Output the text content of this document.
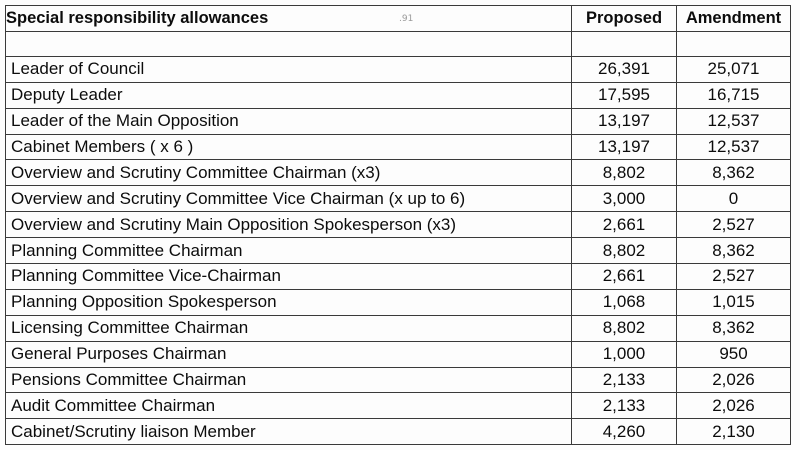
.91
Special responsibility allowances	Proposed	Amendment

Leader of Council	26,391	25,071
Deputy Leader	17,595	16,715
Leader of the Main Opposition	13,197	12,537
Cabinet Members ( x 6 )	13,197	12,537
Overview and Scrutiny Committee Chairman (x3)	8,802	8,362
Overview and Scrutiny Committee Vice Chairman (x up to 6)	3,000	0
Overview and Scrutiny Main Opposition Spokesperson (x3)	2,661	2,527
Planning Committee Chairman	8,802	8,362
Planning Committee Vice-Chairman	2,661	2,527
Planning Opposition Spokesperson	1,068	1,015
Licensing Committee Chairman	8,802	8,362
General Purposes Chairman	1,000	950
Pensions Committee Chairman	2,133	2,026
Audit Committee Chairman	2,133	2,026
Cabinet/Scrutiny liaison Member	4,260	2,130
